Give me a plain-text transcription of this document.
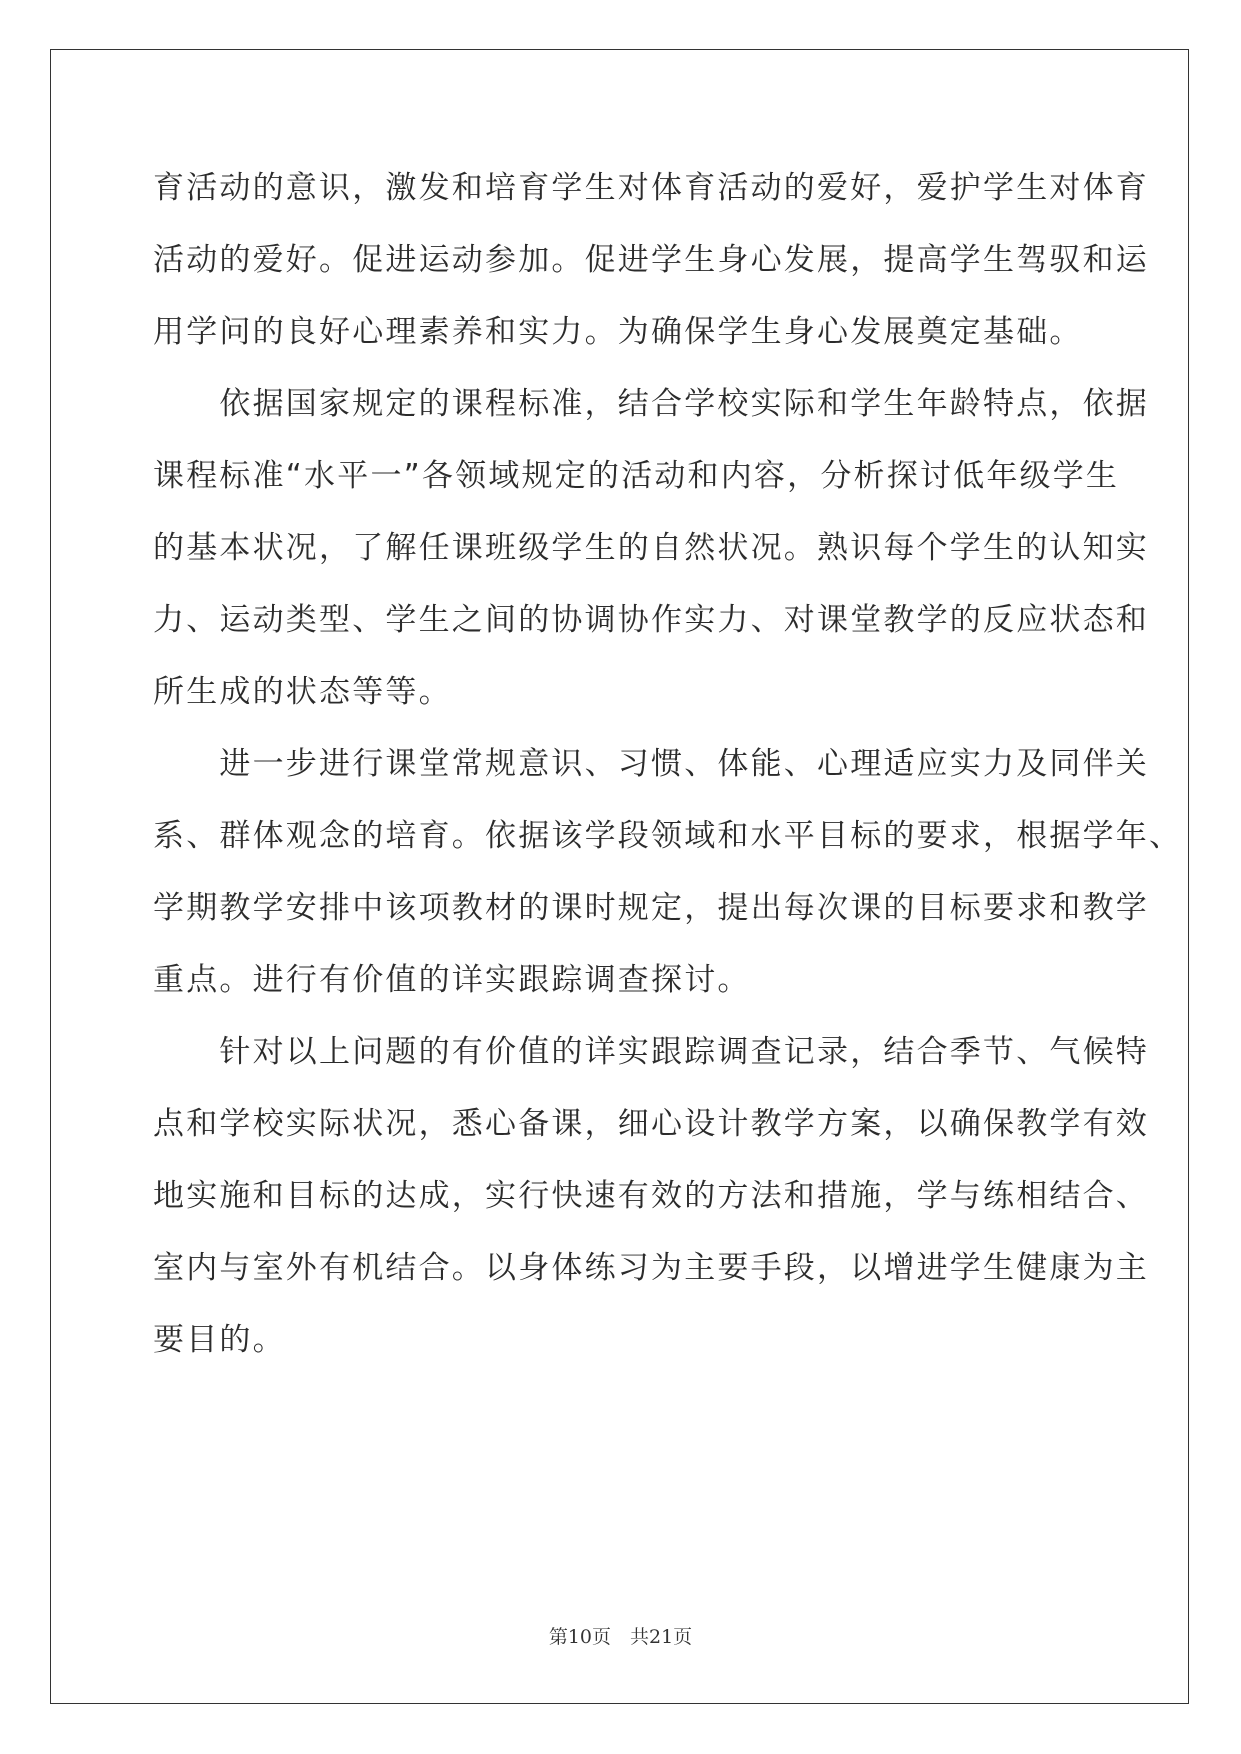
育活动的意识，激发和培育学生对体育活动的爱好，爱护学生对体育

活动的爱好。促进运动参加。促进学生身心发展，提高学生驾驭和运

用学问的良好心理素养和实力。为确保学生身心发展奠定基础。

　　依据国家规定的课程标准，结合学校实际和学生年龄特点，依据

课程标准“水平一”各领域规定的活动和内容，分析探讨低年级学生

的基本状况，了解任课班级学生的自然状况。熟识每个学生的认知实

力、运动类型、学生之间的协调协作实力、对课堂教学的反应状态和

所生成的状态等等。

　　进一步进行课堂常规意识、习惯、体能、心理适应实力及同伴关

系、群体观念的培育。依据该学段领域和水平目标的要求，根据学年、

学期教学安排中该项教材的课时规定，提出每次课的目标要求和教学

重点。进行有价值的详实跟踪调查探讨。

　　针对以上问题的有价值的详实跟踪调查记录，结合季节、气候特

点和学校实际状况，悉心备课，细心设计教学方案，以确保教学有效

地实施和目标的达成，实行快速有效的方法和措施，学与练相结合、

室内与室外有机结合。以身体练习为主要手段，以增进学生健康为主

要目的。

第10页　共21页
